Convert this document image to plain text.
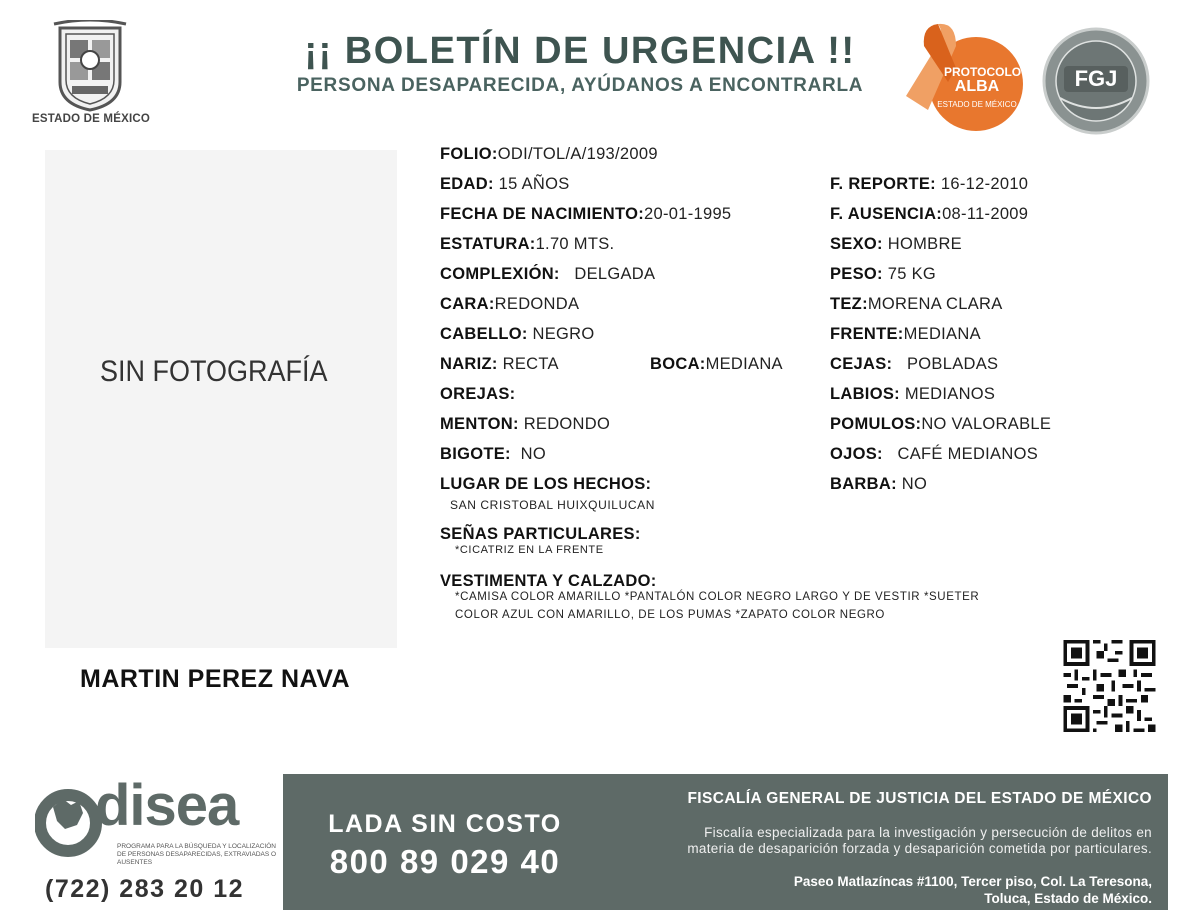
ESTADO DE MÉXICO
¡¡ BOLETÍN DE URGENCIA !!
PERSONA DESAPARECIDA, AYÚDANOS A ENCONTRARLA
PROTOCOLO
ALBA
ESTADO DE MÉXICO
FGJ
SIN FOTOGRAFÍA
MARTIN PEREZ NAVA
FOLIO:ODI/TOL/A/193/2009
EDAD: 15 AÑOS
FECHA DE NACIMIENTO:20-01-1995
ESTATURA:1.70 MTS.
COMPLEXIÓN: DELGADA
CARA:REDONDA
CABELLO: NEGRO
NARIZ: RECTA	BOCA:MEDIANA
OREJAS:
MENTON: REDONDO
BIGOTE: NO
LUGAR DE LOS HECHOS:
SAN CRISTOBAL HUIXQUILUCAN
SEÑAS PARTICULARES:
*CICATRIZ EN LA FRENTE
VESTIMENTA Y CALZADO:
*CAMISA COLOR AMARILLO *PANTALÓN COLOR NEGRO LARGO Y DE VESTIR *SUETER
COLOR AZUL CON AMARILLO, DE LOS PUMAS *ZAPATO COLOR NEGRO
F. REPORTE: 16-12-2010
F. AUSENCIA:08-11-2009
SEXO: HOMBRE
PESO: 75 KG
TEZ:MORENA CLARA
FRENTE:MEDIANA
CEJAS: POBLADAS
LABIOS: MEDIANOS
POMULOS:NO VALORABLE
OJOS: CAFÉ MEDIANOS
BARBA: NO
disea
PROGRAMA PARA LA BÚSQUEDA Y LOCALIZACIÓN
DE PERSONAS DESAPARECIDAS, EXTRAVIADAS O
AUSENTES
(722) 283 20 12
LADA SIN COSTO
800 89 029 40
FISCALÍA GENERAL DE JUSTICIA DEL ESTADO DE MÉXICO
Fiscalía especializada para la investigación y persecución de delitos en
materia de desaparición forzada y desaparición cometida por particulares.
Paseo Matlazíncas #1100, Tercer piso, Col. La Teresona,
Toluca, Estado de México.
